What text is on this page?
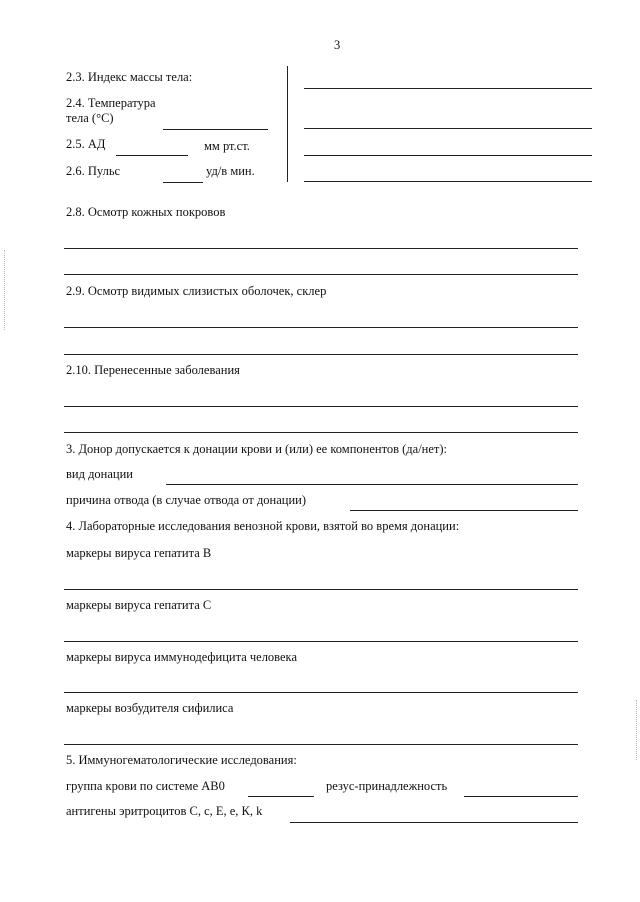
3
2.3. Индекс массы тела:
2.4. Температура
тела (°С)
2.5. АД	мм рт.ст.
2.6. Пульс	уд/в мин.
2.8. Осмотр кожных покровов
2.9. Осмотр видимых слизистых оболочек, склер
2.10. Перенесенные заболевания
3. Донор допускается к донации крови и (или) ее компонентов (да/нет):
вид донации
причина отвода (в случае отвода от донации)
4. Лабораторные исследования венозной крови, взятой во время донации:
маркеры вируса гепатита В
маркеры вируса гепатита С
маркеры вируса иммунодефицита человека
маркеры возбудителя сифилиса
5. Иммуногематологические исследования:
группа крови по системе АВ0	резус-принадлежность
антигены эритроцитов С, с, Е, е, К, k
